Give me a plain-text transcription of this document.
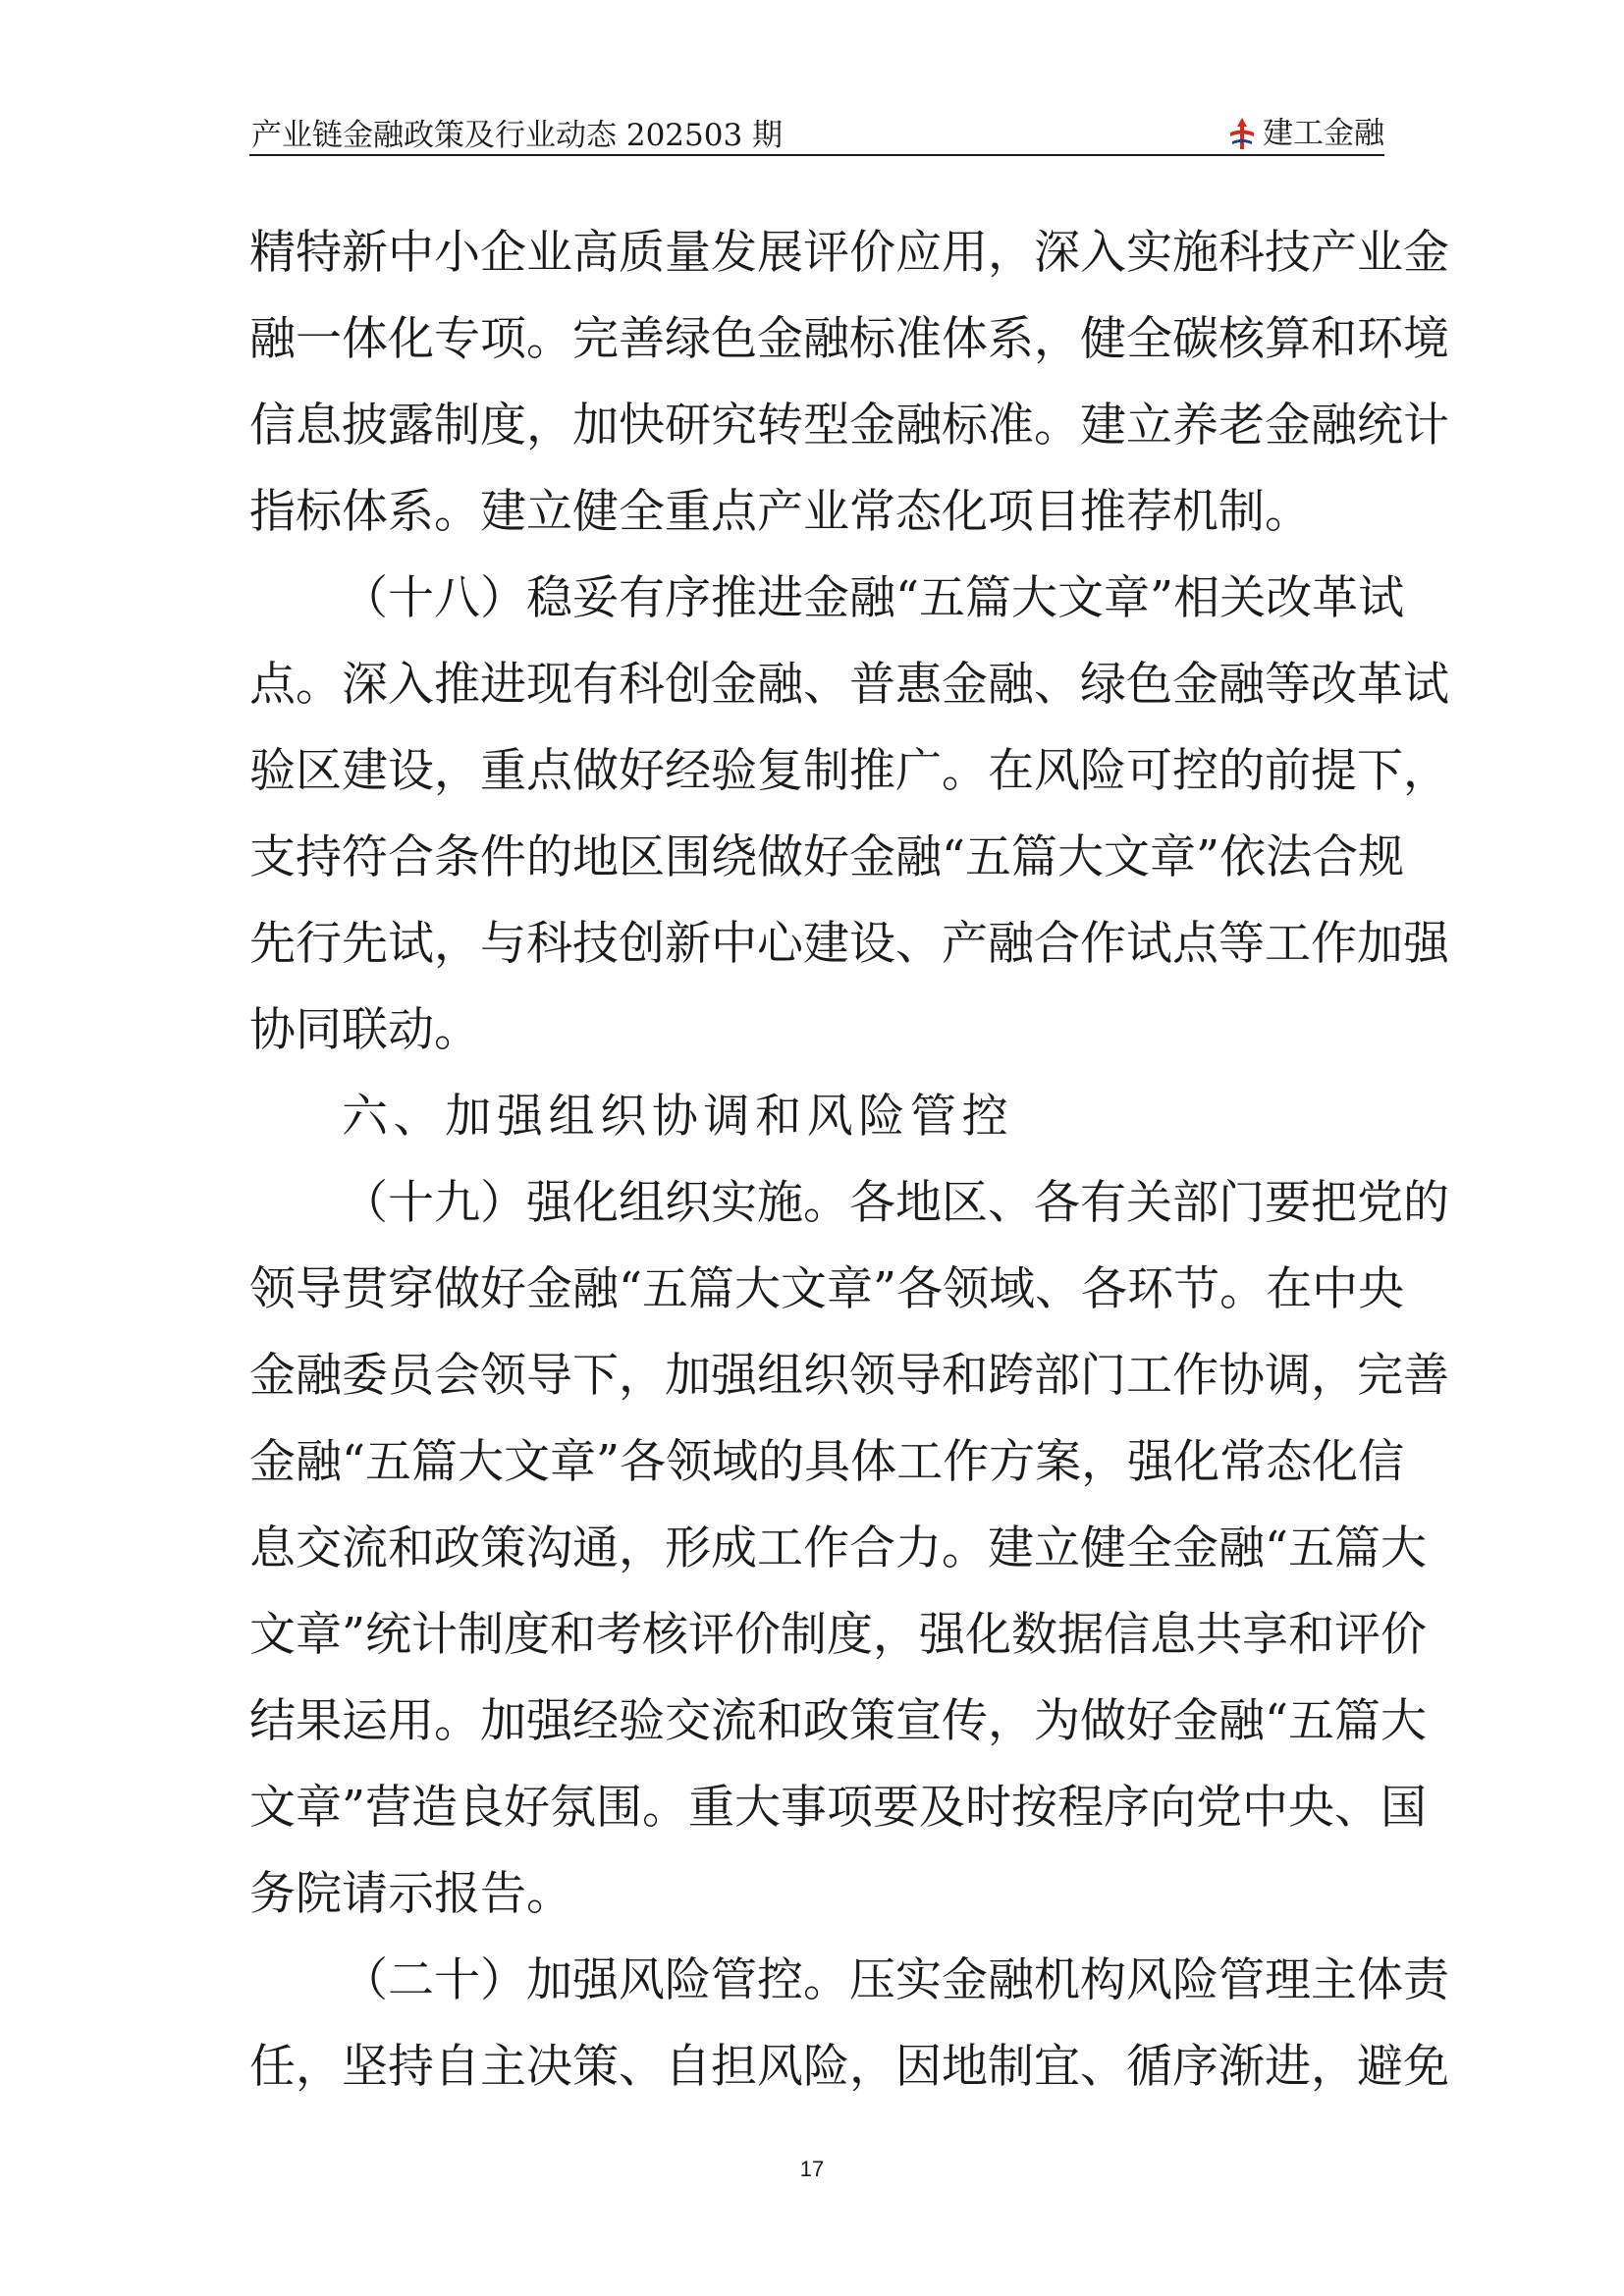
产业链金融政策及行业动态 202503 期	建工金融
精 特 新 中 小 企 业 高 质 量 发 展 评 价 应 用 ， 深 入 实 施 科 技 产 业 金
融 一 体 化 专 项 。 完 善 绿 色 金 融 标 准 体 系 ， 健 全 碳 核 算 和 环 境
信 息 披 露 制 度 ， 加 快 研 究 转 型 金 融 标 准 。 建 立 养 老 金 融 统 计
指标体系。建立健全重点产业常态化项目推荐机制。
（ 十 八 ） 稳 妥 有 序 推 进 金 融 “ 五 篇 大 文 章 ” 相 关 改 革 试
点 。 深 入 推 进 现 有 科 创 金 融 、 普 惠 金 融 、 绿 色 金 融 等 改 革 试
验 区 建 设 ， 重 点 做 好 经 验 复 制 推 广 。 在 风 险 可 控 的 前 提 下 ，
支 持 符 合 条 件 的 地 区 围 绕 做 好 金 融 “ 五 篇 大 文 章 ” 依 法 合 规
先 行 先 试 ， 与 科 技 创 新 中 心 建 设 、 产 融 合 作 试 点 等 工 作 加 强
协同联动。
六、加强组织协调和风险管控
（ 十 九 ） 强 化 组 织 实 施 。 各 地 区 、 各 有 关 部 门 要 把 党 的
领 导 贯 穿 做 好 金 融 “ 五 篇 大 文 章 ” 各 领 域 、 各 环 节 。 在 中 央
金 融 委 员 会 领 导 下 ， 加 强 组 织 领 导 和 跨 部 门 工 作 协 调 ， 完 善
金 融 “ 五 篇 大 文 章 ” 各 领 域 的 具 体 工 作 方 案 ， 强 化 常 态 化 信
息 交 流 和 政 策 沟 通 ， 形 成 工 作 合 力 。 建 立 健 全 金 融 “ 五 篇 大
文 章 ” 统 计 制 度 和 考 核 评 价 制 度 ， 强 化 数 据 信 息 共 享 和 评 价
结 果 运 用 。 加 强 经 验 交 流 和 政 策 宣 传 ， 为 做 好 金 融 “ 五 篇 大
文 章 ” 营 造 良 好 氛 围 。 重 大 事 项 要 及 时 按 程 序 向 党 中 央 、 国
务院请示报告。
（ 二 十 ） 加 强 风 险 管 控 。 压 实 金 融 机 构 风 险 管 理 主 体 责
任 ， 坚 持 自 主 决 策 、 自 担 风 险 ， 因 地 制 宜 、 循 序 渐 进 ， 避 免
17
